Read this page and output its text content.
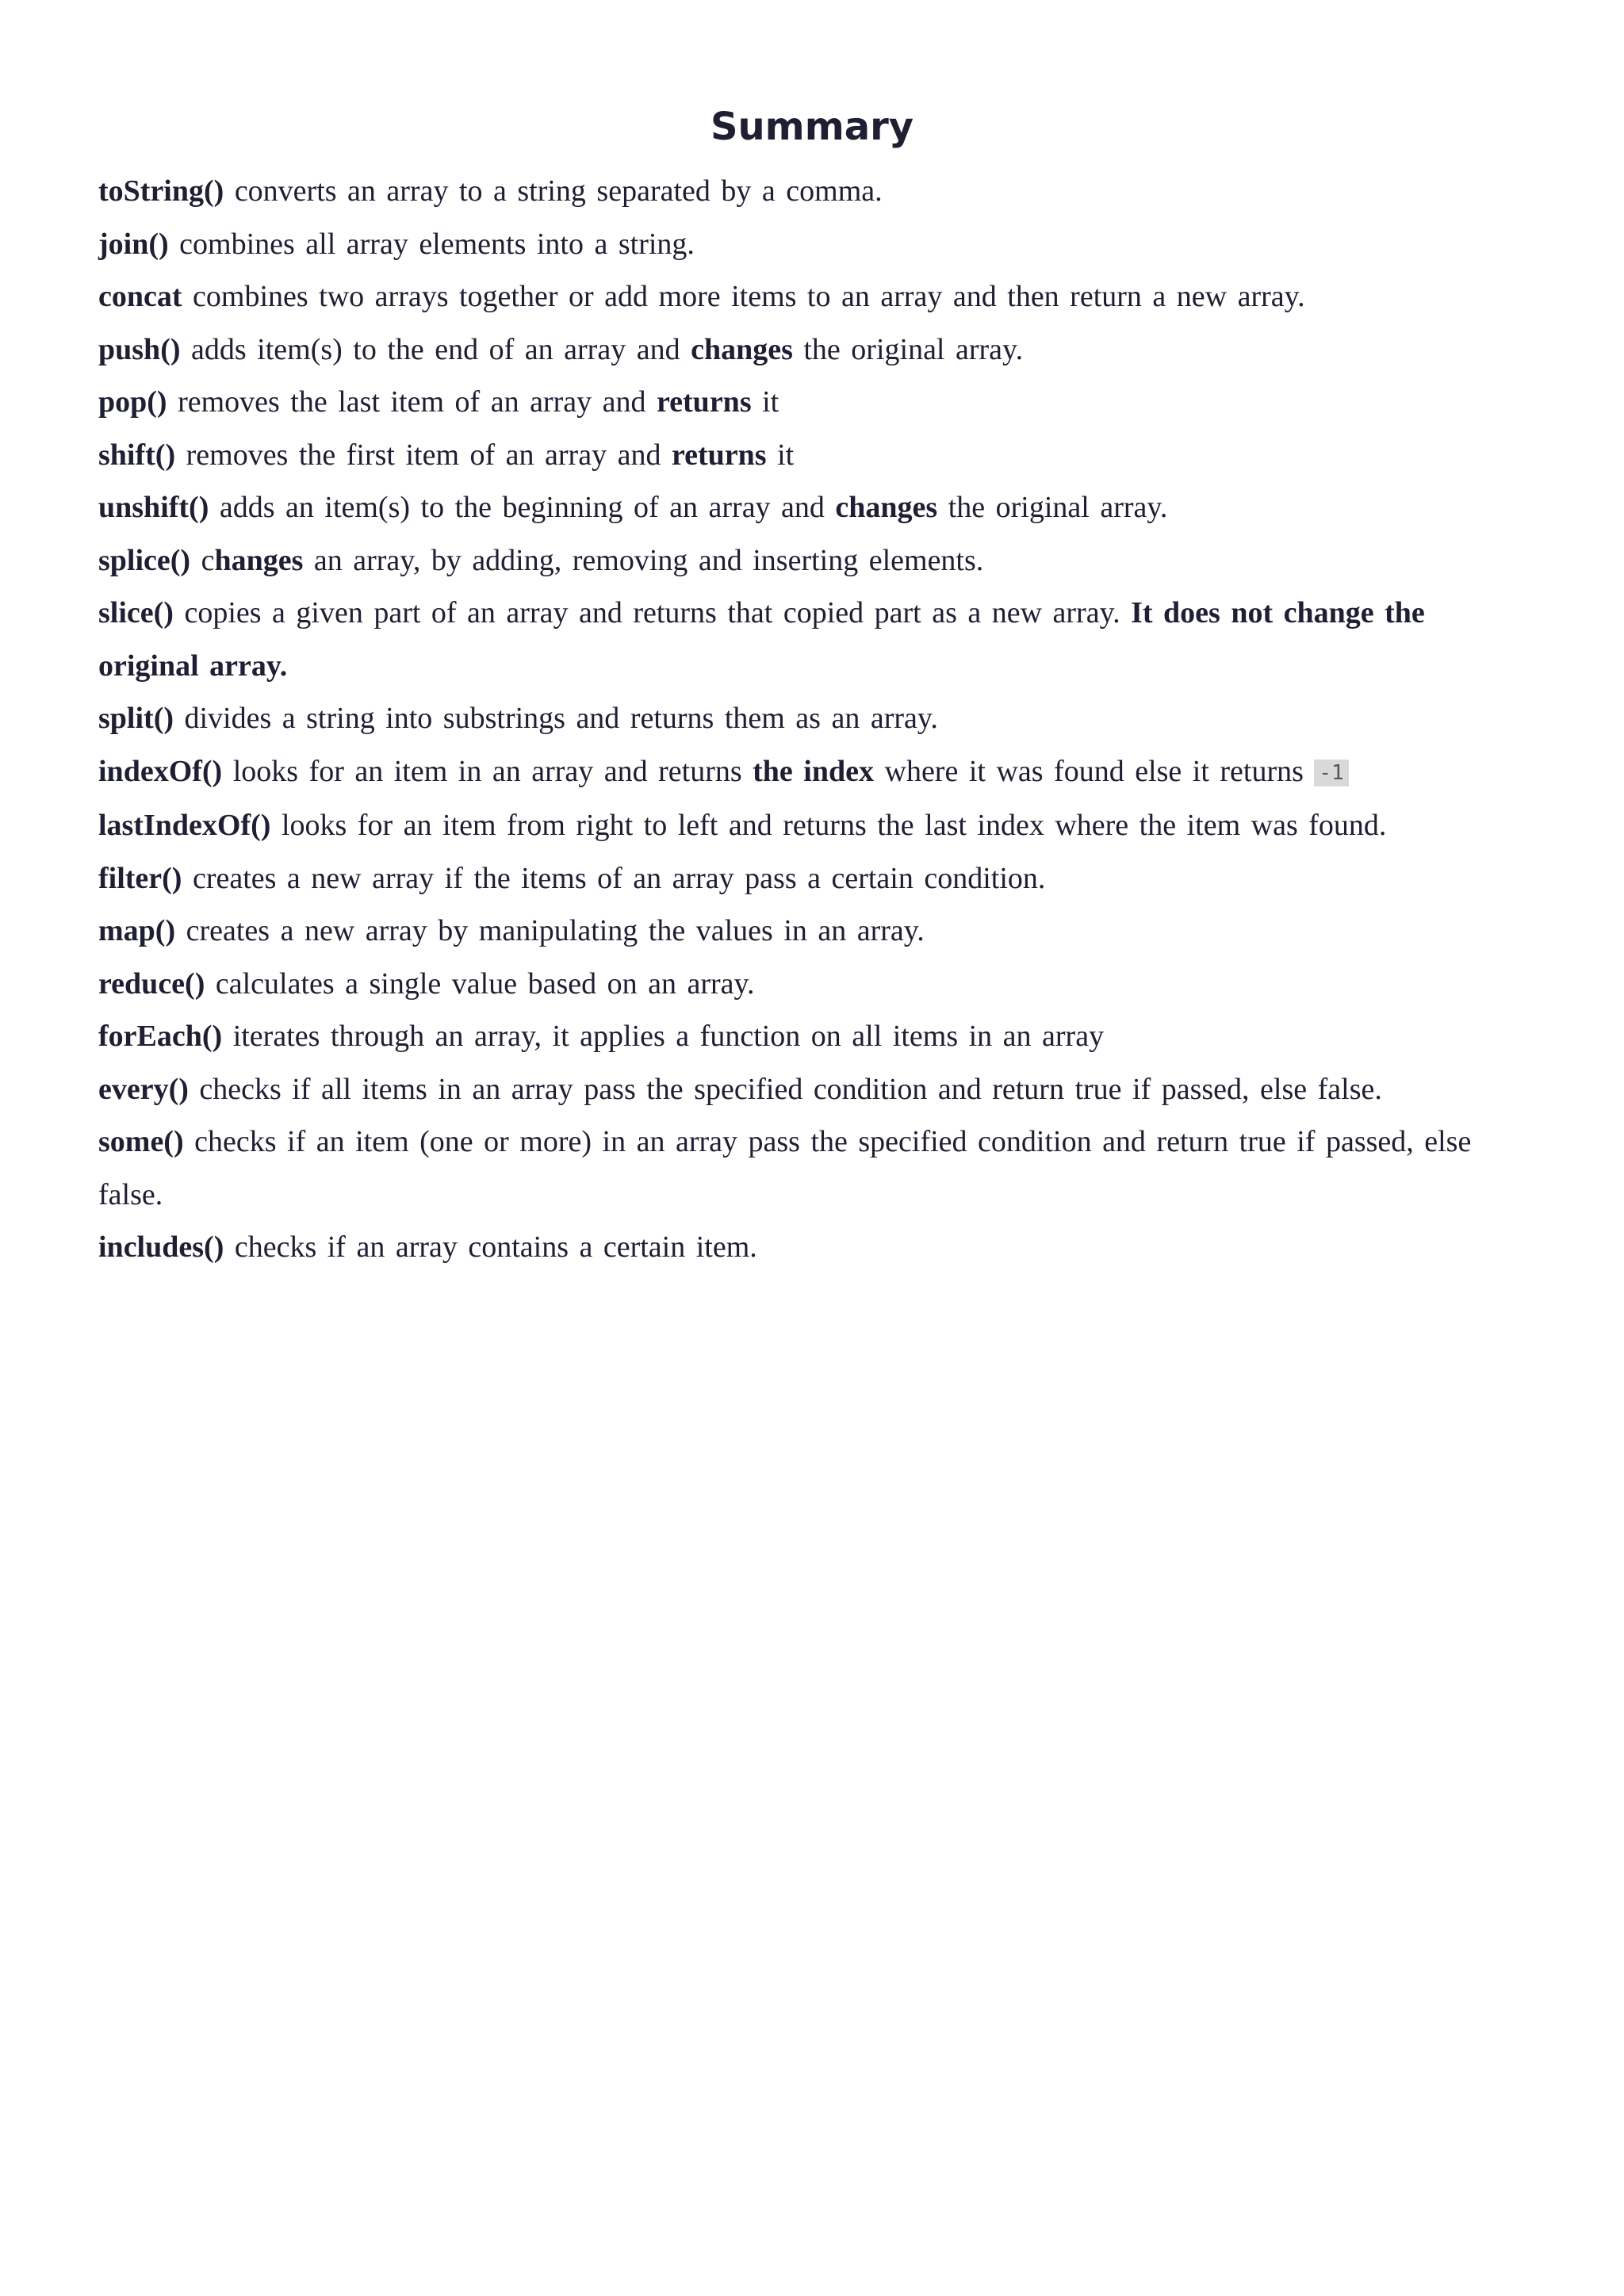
Summary
toString() converts an array to a string separated by a comma.
join() combines all array elements into a string.
concat combines two arrays together or add more items to an array and then return a new array.
push() adds item(s) to the end of an array and changes the original array.
pop() removes the last item of an array and returns it
shift() removes the first item of an array and returns it
unshift() adds an item(s) to the beginning of an array and changes the original array.
splice() changes an array, by adding, removing and inserting elements.
slice() copies a given part of an array and returns that copied part as a new array. It does not change the original array.
split() divides a string into substrings and returns them as an array.
indexOf() looks for an item in an array and returns the index where it was found else it returns -1
lastIndexOf() looks for an item from right to left and returns the last index where the item was found.
filter() creates a new array if the items of an array pass a certain condition.
map() creates a new array by manipulating the values in an array.
reduce() calculates a single value based on an array.
forEach() iterates through an array, it applies a function on all items in an array
every() checks if all items in an array pass the specified condition and return true if passed, else false.
some() checks if an item (one or more) in an array pass the specified condition and return true if passed, else false.
includes() checks if an array contains a certain item.
